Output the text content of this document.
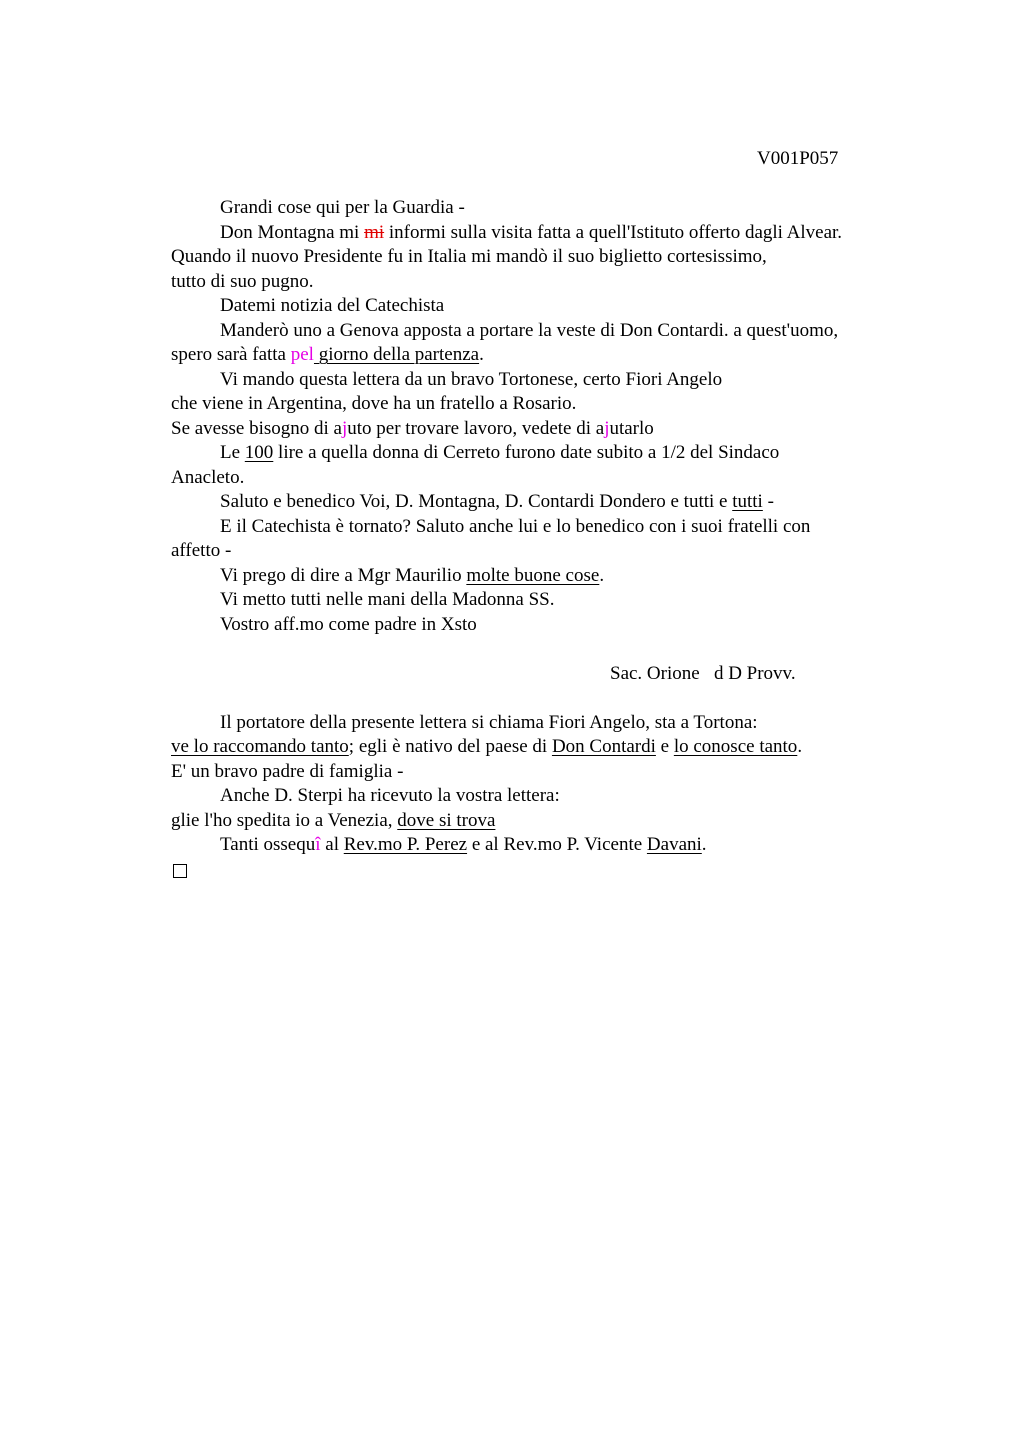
V001P057
Grandi cose qui per la Guardia -
Don Montagna mi mi informi sulla visita fatta a quell'Istituto offerto dagli Alvear.
Quando il nuovo Presidente fu in Italia mi mandò il suo biglietto cortesissimo,
tutto di suo pugno.
Datemi notizia del Catechista
Manderò uno a Genova apposta a portare la veste di Don Contardi. a quest'uomo,
spero sarà fatta pel giorno della partenza.
Vi mando questa lettera da un bravo Tortonese, certo Fiori Angelo
che viene in Argentina, dove ha un fratello a Rosario.
Se avesse bisogno di ajuto per trovare lavoro, vedete di ajutarlo
Le 100 lire a quella donna di Cerreto furono date subito a 1/2 del Sindaco
Anacleto.
Saluto e benedico Voi, D. Montagna, D. Contardi Dondero e tutti e tutti -
E il Catechista è tornato? Saluto anche lui e lo benedico con i suoi fratelli con
affetto -
Vi prego di dire a Mgr Maurilio molte buone cose.
Vi metto tutti nelle mani della Madonna SS.
Vostro aff.mo come padre in Xsto
Sac. Orione   d D Provv.
Il portatore della presente lettera si chiama Fiori Angelo, sta a Tortona:
ve lo raccomando tanto; egli è nativo del paese di Don Contardi e lo conosce tanto.
E' un bravo padre di famiglia -
Anche D. Sterpi ha ricevuto la vostra lettera:
glie l'ho spedita io a Venezia, dove si trova
Tanti ossequî al Rev.mo P. Perez e al Rev.mo P. Vicente Davani.
